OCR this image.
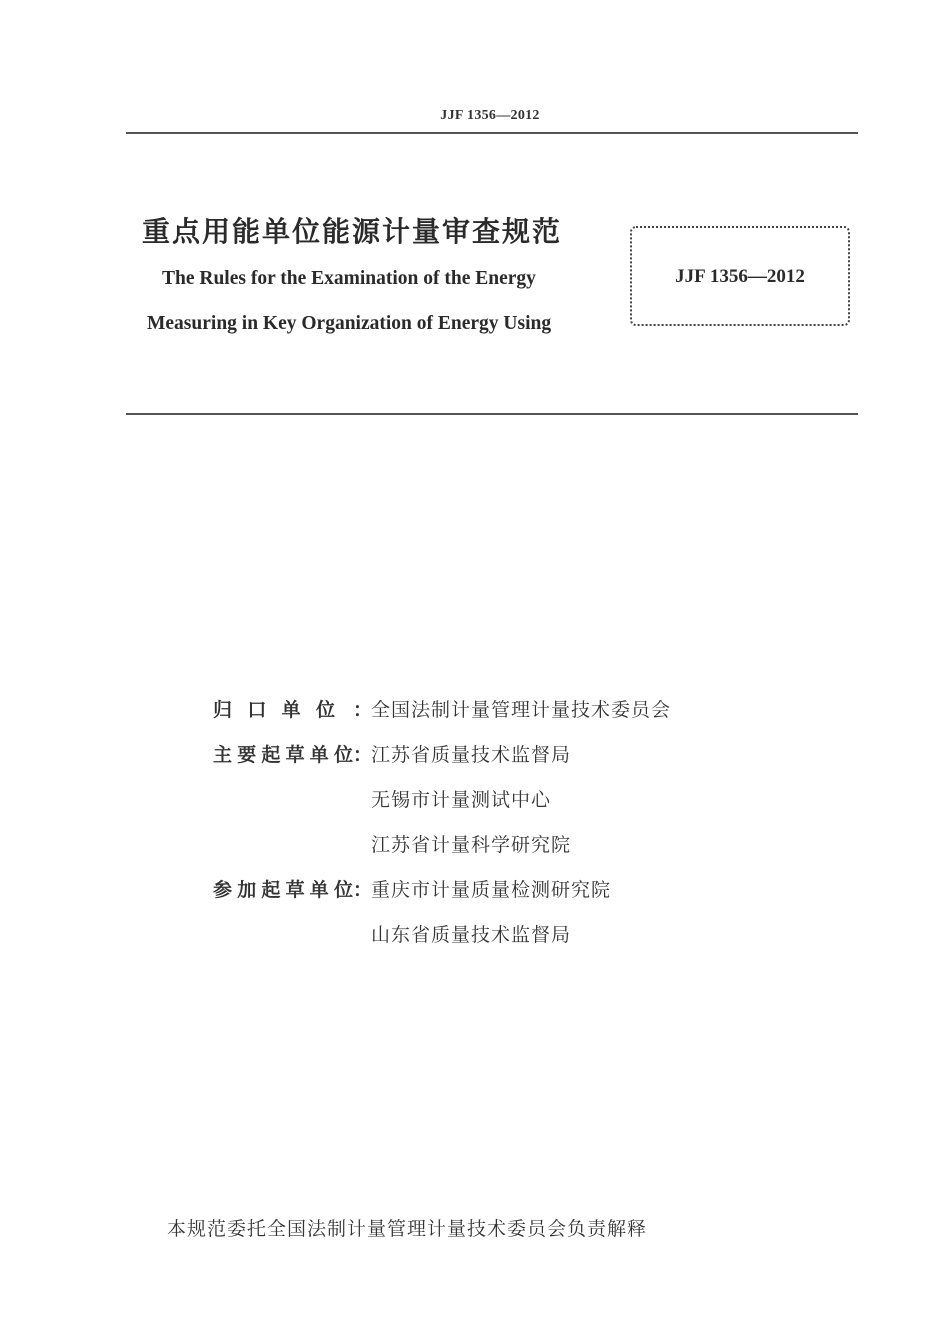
JJF 1356—2012
重点用能单位能源计量审查规范
The Rules for the Examination of the Energy
Measuring in Key Organization of Energy Using
JJF 1356—2012
归口单位 ：
全国法制计量管理计量技术委员会
主要起草单位 ：
江苏省质量技术监督局
无锡市计量测试中心
江苏省计量科学研究院
参加起草单位 ：
重庆市计量质量检测研究院
山东省质量技术监督局
本规范委托全国法制计量管理计量技术委员会负责解释
